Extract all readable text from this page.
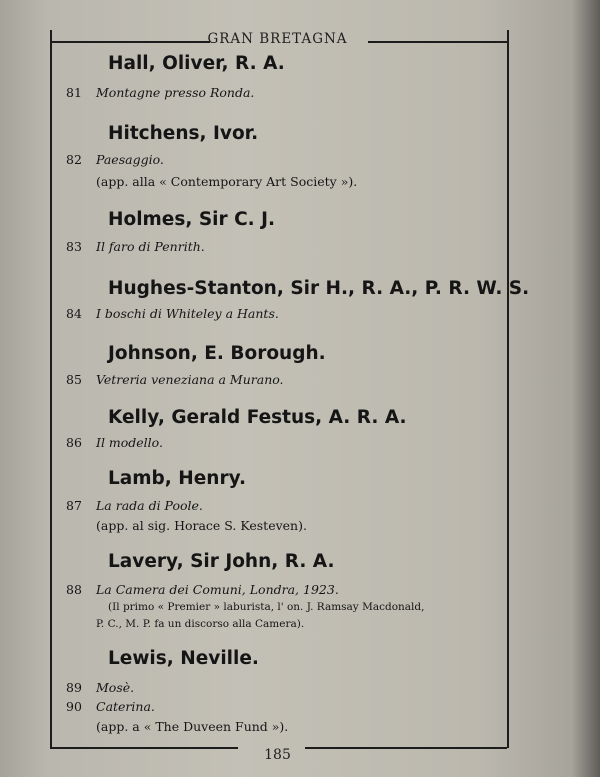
GRAN BRETAGNA
Hall, Oliver, R. A.
81 Montagne presso Ronda.
Hitchens, Ivor.
82 Paesaggio.
(app. alla « Contemporary Art Society »).
Holmes, Sir C. J.
83 Il faro di Penrith.
Hughes-Stanton, Sir H., R. A., P. R. W. S.
84 I boschi di Whiteley a Hants.
Johnson, E. Borough.
85 Vetreria veneziana a Murano.
Kelly, Gerald Festus, A. R. A.
86 Il modello.
Lamb, Henry.
87 La rada di Poole.
(app. al sig. Horace S. Kesteven).
Lavery, Sir John, R. A.
88 La Camera dei Comuni, Londra, 1923.
(Il primo « Premier » laburista, l' on. J. Ramsay Macdonald,
P. C., M. P. fa un discorso alla Camera).
Lewis, Neville.
89 Mosè.
90 Caterina.
(app. a « The Duveen Fund »).
185
